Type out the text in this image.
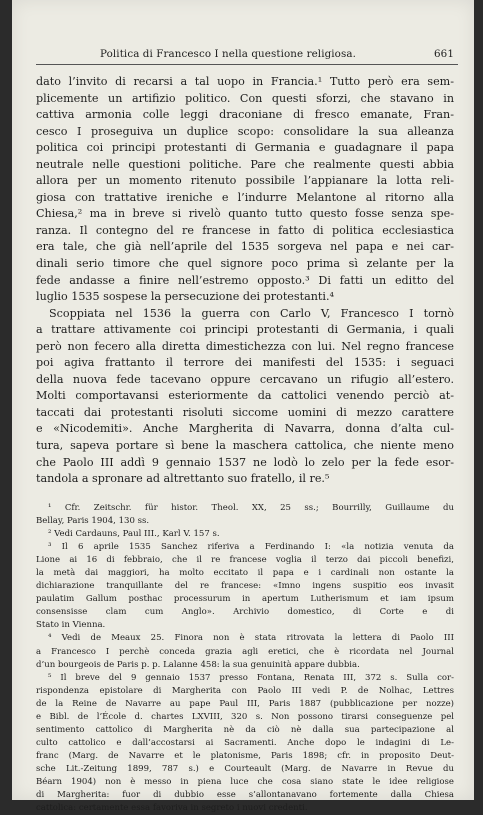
Politica di Francesco I nella questione religiosa.	661
dato l’invito di recarsi a tal uopo in Francia.¹ Tutto però era sem-
plicemente un artifizio politico. Con questi sforzi, che stavano in
cattiva armonia colle leggi draconiane di fresco emanate, Fran-
cesco I proseguiva un duplice scopo: consolidare la sua alleanza
politica coi principi protestanti di Germania e guadagnare il papa
neutrale nelle questioni politiche. Pare che realmente questi abbia
allora per un momento ritenuto possibile l’appianare la lotta reli-
giosa con trattative ireniche e l’indurre Melantone al ritorno alla
Chiesa,² ma in breve si rivelò quanto tutto questo fosse senza spe-
ranza. Il contegno del re francese in fatto di politica ecclesiastica
era tale, che già nell’aprile del 1535 sorgeva nel papa e nei car-
dinali serio timore che quel signore poco prima sì zelante per la
fede andasse a finire nell’estremo opposto.³ Di fatti un editto del
luglio 1535 sospese la persecuzione dei protestanti.⁴
Scoppiata nel 1536 la guerra con Carlo V, Francesco I tornò
a trattare attivamente coi principi protestanti di Germania, i quali
però non fecero alla diretta dimestichezza con lui. Nel regno francese
poi agiva frattanto il terrore dei manifesti del 1535: i seguaci
della nuova fede tacevano oppure cercavano un rifugio all’estero.
Molti comportavansi esteriormente da cattolici venendo perciò at-
taccati dai protestanti risoluti siccome uomini di mezzo carattere
e «Nicodemiti». Anche Margherita di Navarra, donna d’alta cul-
tura, sapeva portare sì bene la maschera cattolica, che niente meno
che Paolo III addì 9 gennaio 1537 ne lodò lo zelo per la fede esor-
tandola a spronare ad altrettanto suo fratello, il re.⁵
¹ Cfr. Zeitschr. für histor. Theol. XX, 25 ss.; Bourrilly, Guillaume du
Bellay, Paris 1904, 130 ss.
² Vedi Cardauns, Paul III., Karl V. 157 s.
³ Il 6 aprile 1535 Sanchez riferiva a Ferdinando I: «la notizia venuta da
Lione ai 16 di febbraio, che il re francese voglia il terzo dai piccoli benefizi,
la metà dai maggiori, ha molto eccitato il papa e i cardinali non ostante la
dichiarazione tranquillante del re francese: «Imno ingens suspitio eos invasit
paulatim Gallum posthac processurum in apertum Lutherismum et iam ipsum
consensisse clam cum Anglo». Archivio domestico, di Corte e di
Stato in Vienna.
⁴ Vedi de Meaux 25. Finora non è stata ritrovata la lettera di Paolo III
a Francesco I perchè conceda grazia agli eretici, che è ricordata nel Journal
d’un bourgeois de Paris p. p. Lalanne 458: la sua genuinità appare dubbia.
⁵ Il breve del 9 gennaio 1537 presso Fontana, Renata III, 372 s. Sulla cor-
rispondenza epistolare di Margherita con Paolo III vedi P. de Nolhac, Lettres
de la Reine de Navarre au pape Paul III, Paris 1887 (pubblicazione per nozze)
e Bibl. de l’École d. chartes LXVIII, 320 s. Non possono tirarsi conseguenze pel
sentimento cattolico di Margherita nè da ciò nè dalla sua partecipazione al
culto cattolico e dall’accostarsi ai Sacramenti. Anche dopo le indagini di Le-
franc (Marg. de Navarre et le platonisme, Paris 1898; cfr. in proposito Deut-
sche Lit.-Zeitung 1899, 787 s.) e Courteault (Marg. de Navarre in Revue du
Béarn 1904) non è messo in piena luce che cosa siano state le idee religiose
di Margherita: fuor di dubbio esse s’allontanavano fortemente dalla Chiesa
cattolica: certamente essa favoriva in segreto i nuovi credenti.
